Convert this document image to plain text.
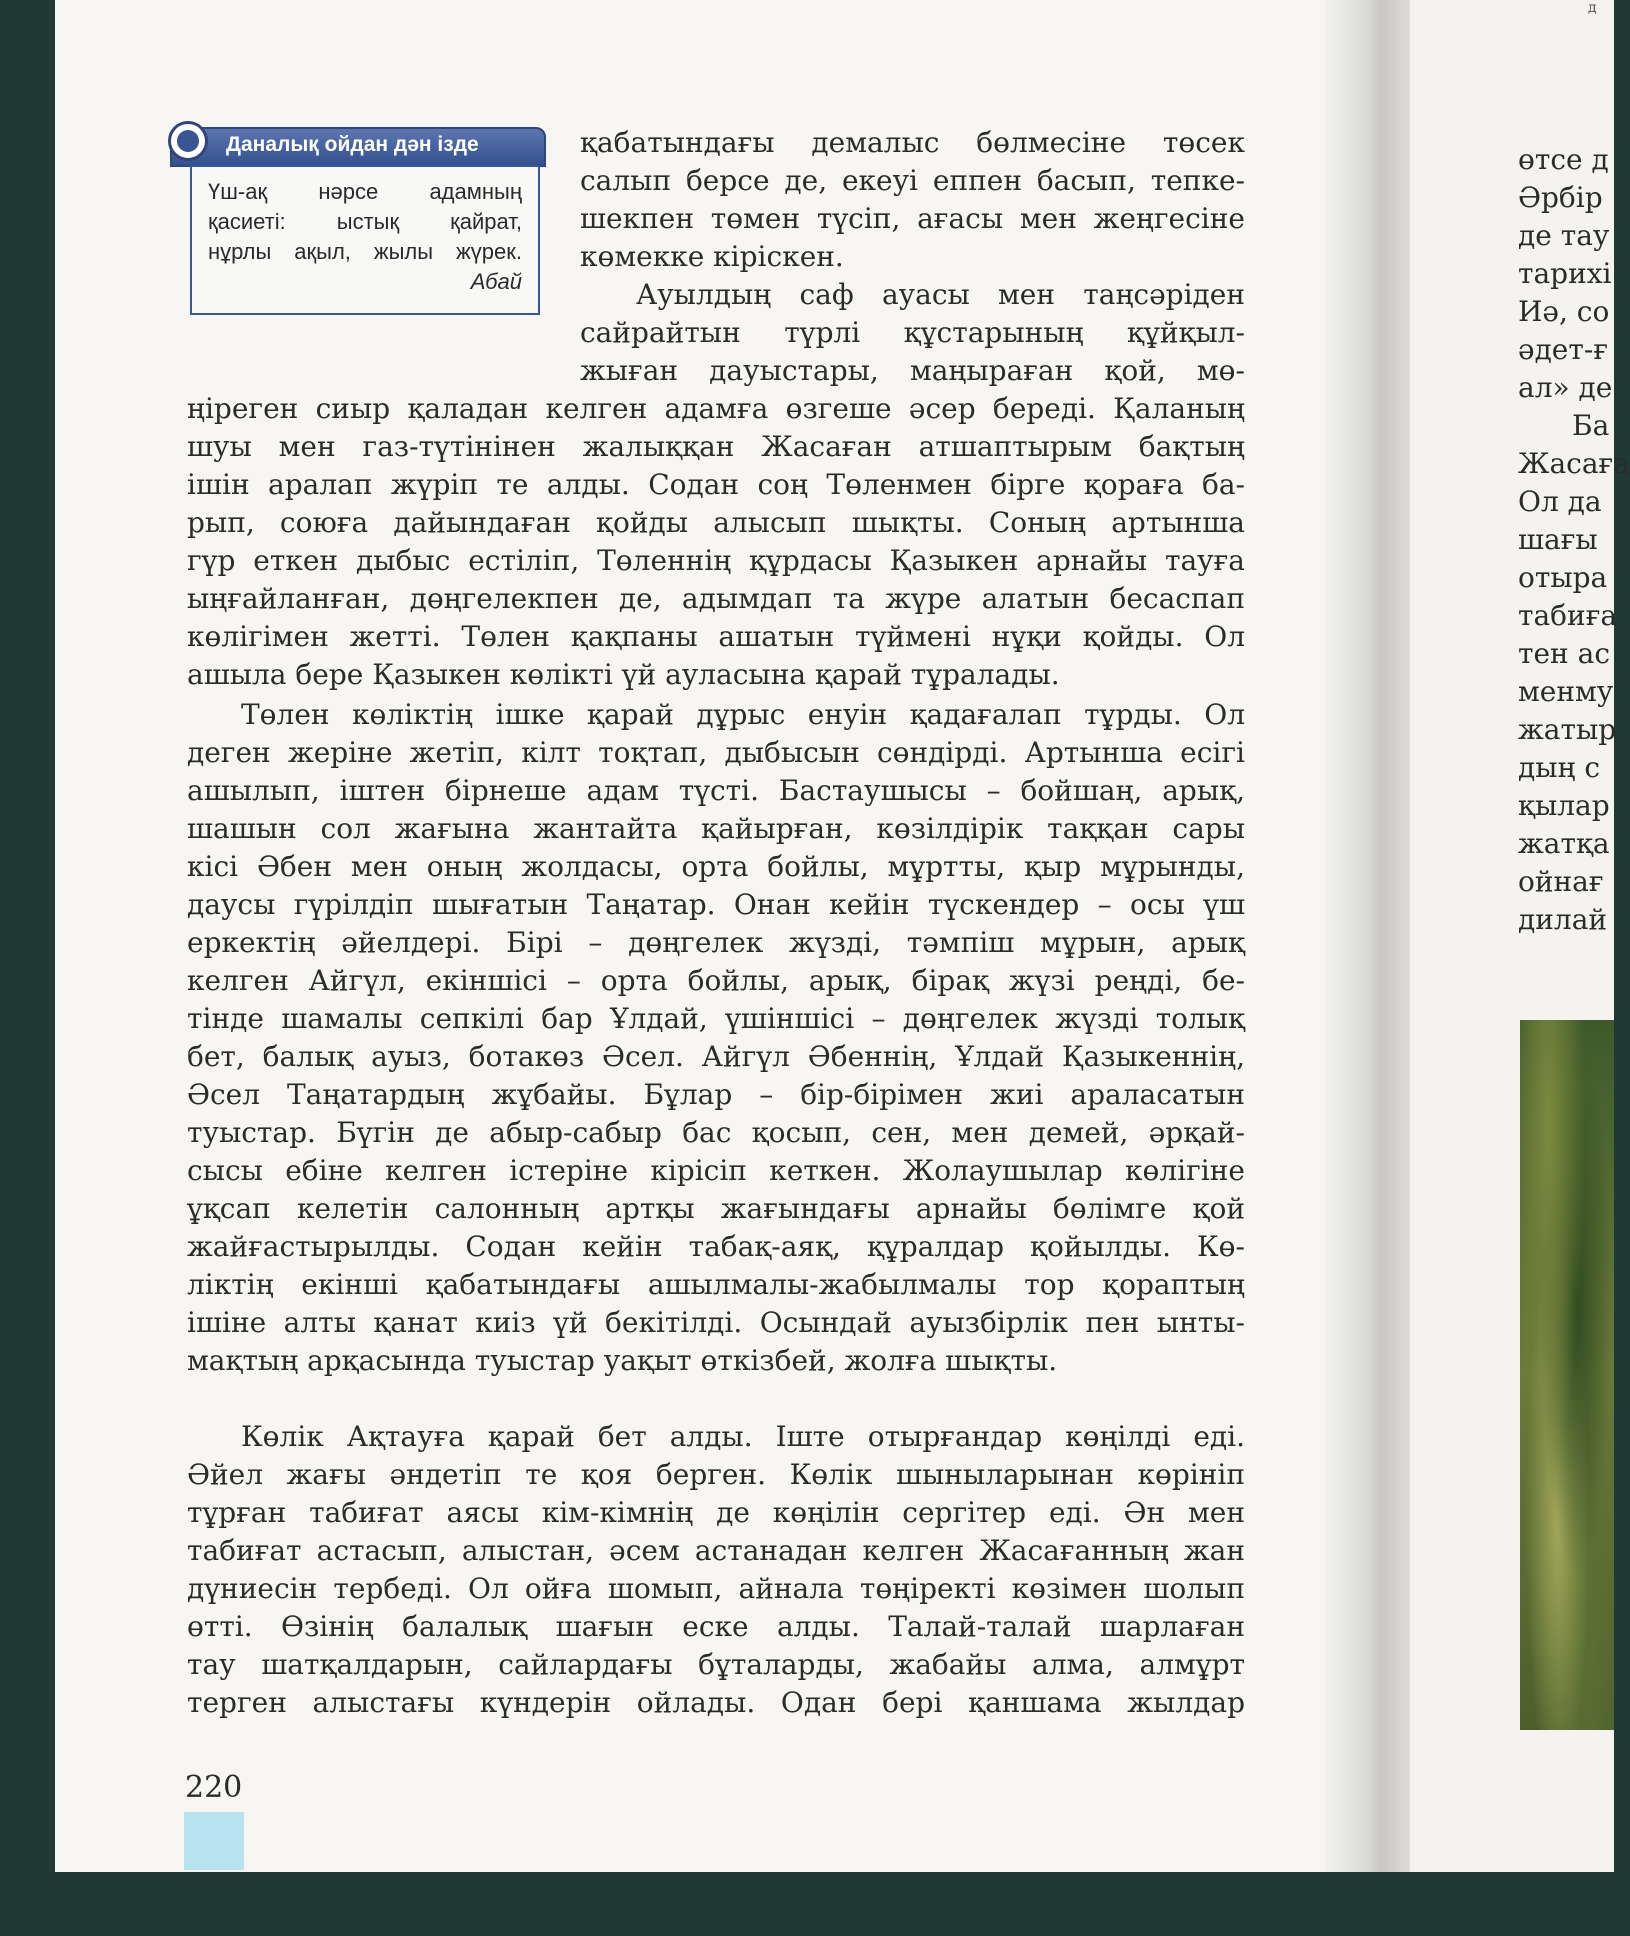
д
Даналық ойдан дән ізде
Үш-ақ нәрсе адамның
қасиеті: ыстық қайрат,
нұрлы ақыл, жылы жүрек.
Абай
қабатындағы демалыс бөлмесіне төсек
салып берсе де, екеуі еппен басып, тепке-
шекпен төмен түсіп, ағасы мен жеңгесіне
көмекке кіріскен.
Ауылдың саф ауасы мен таңсәріден
сайрайтын түрлі құстарының құйқыл-
жыған дауыстары, маңыраған қой, мө-
ңіреген сиыр қаладан келген адамға өзгеше әсер береді. Қаланың
шуы мен газ-түтінінен жалыққан Жасаған атшаптырым бақтың
ішін аралап жүріп те алды. Содан соң Төленмен бірге қораға ба-
рып, союға дайындаған қойды алысып шықты. Соның артынша
гүр еткен дыбыс естіліп, Төленнің құрдасы Қазыкен арнайы тауға
ыңғайланған, дөңгелекпен де, адымдап та жүре алатын бесаспап
көлігімен жетті. Төлен қақпаны ашатын түймені нұқи қойды. Ол
ашыла бере Қазыкен көлікті үй ауласына қарай тұралады.
Төлен көліктің ішке қарай дұрыс енуін қадағалап тұрды. Ол
деген жеріне жетіп, кілт тоқтап, дыбысын сөндірді. Артынша есігі
ашылып, іштен бірнеше адам түсті. Бастаушысы – бойшаң, арық,
шашын сол жағына жантайта қайырған, көзілдірік таққан сары
кісі Әбен мен оның жолдасы, орта бойлы, мұртты, қыр мұрынды,
даусы гүрілдіп шығатын Таңатар. Онан кейін түскендер – осы үш
еркектің әйелдері. Бірі – дөңгелек жүзді, тәмпіш мұрын, арық
келген Айгүл, екіншісі – орта бойлы, арық, бірақ жүзі реңді, бе-
тінде шамалы сепкілі бар Ұлдай, үшіншісі – дөңгелек жүзді толық
бет, балық ауыз, ботакөз Әсел. Айгүл Әбеннің, Ұлдай Қазыкеннің,
Әсел Таңатардың жұбайы. Бұлар – бір-бірімен жиі араласатын
туыстар. Бүгін де абыр-сабыр бас қосып, сен, мен демей, әрқай-
сысы ебіне келген істеріне кірісіп кеткен. Жолаушылар көлігіне
ұқсап келетін салонның артқы жағындағы арнайы бөлімге қой
жайғастырылды. Содан кейін табақ-аяқ, құралдар қойылды. Кө-
ліктің екінші қабатындағы ашылмалы-жабылмалы тор қораптың
ішіне алты қанат киіз үй бекітілді. Осындай ауызбірлік пен ынты-
мақтың арқасында туыстар уақыт өткізбей, жолға шықты.
Көлік Ақтауға қарай бет алды. Іште отырғандар көңілді еді.
Әйел жағы әндетіп те қоя берген. Көлік шыныларынан көрініп
тұрған табиғат аясы кім-кімнің де көңілін сергітер еді. Ән мен
табиғат астасып, алыстан, әсем астанадан келген Жасағанның жан
дүниесін тербеді. Ол ойға шомып, айнала төңіректі көзімен шолып
өтті. Өзінің балалық шағын еске алды. Талай-талай шарлаған
тау шатқалдарын, сайлардағы бұталарды, жабайы алма, алмұрт
терген алыстағы күндерін ойлады. Одан бері қаншама жылдар
220
өтсе д
Әрбір
де тау
тарихі
Иә, со
әдет-ғ
ал» де
Ба
Жасаға
Ол да
шағы
отыра
табиға
тен ас
менму
жатыр
дың с
қылар
жатқа
ойнағ
дилай
